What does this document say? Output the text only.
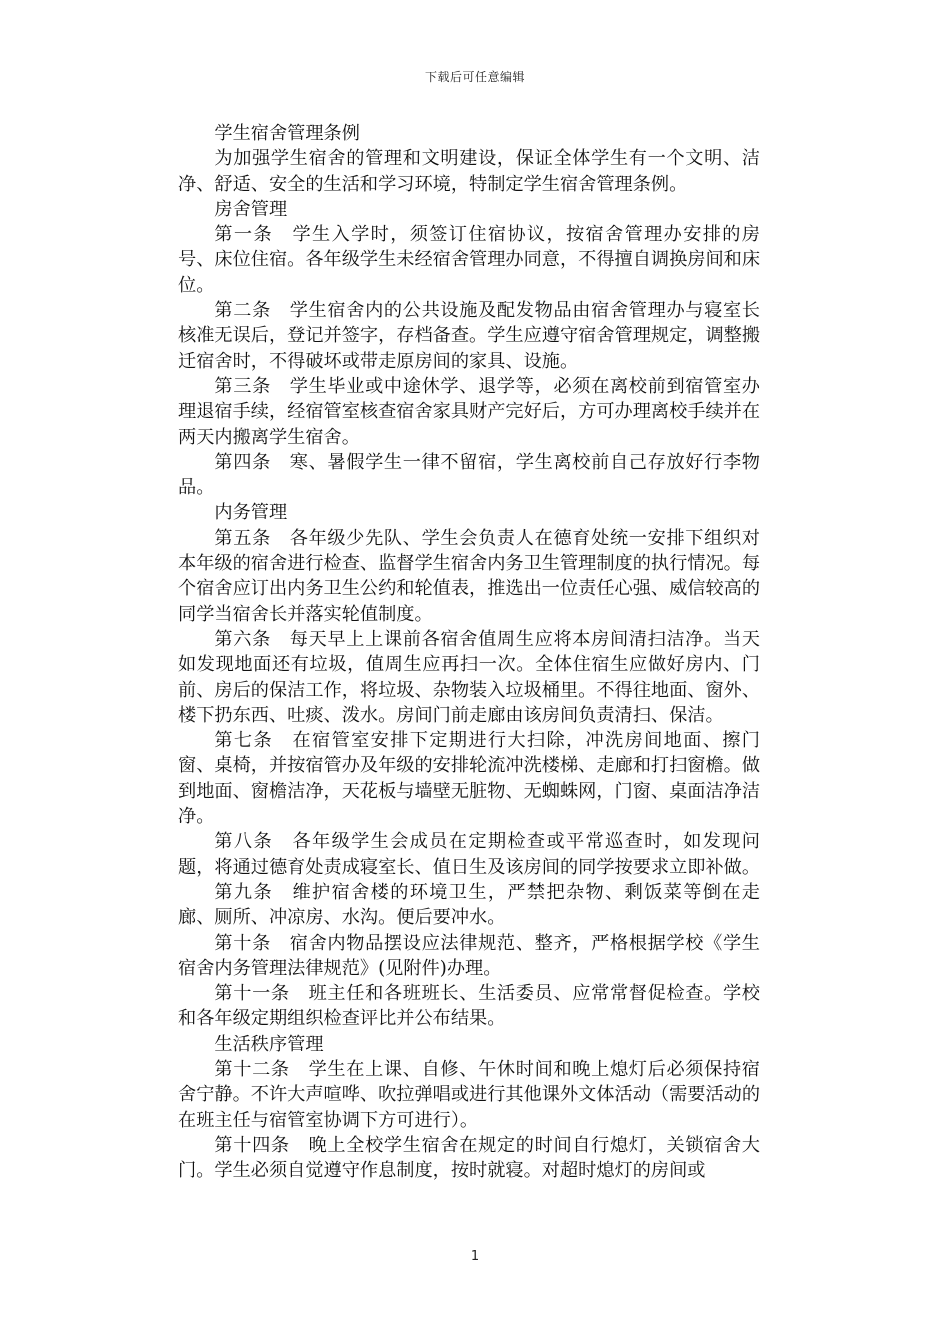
下载后可任意编辑

学生宿舍管理条例

为加强学生宿舍的管理和文明建设，保证全体学生有一个文明、洁净、舒适、安全的生活和学习环境，特制定学生宿舍管理条例。

房舍管理

第一条　学生入学时，须签订住宿协议，按宿舍管理办安排的房号、床位住宿。各年级学生未经宿舍管理办同意，不得擅自调换房间和床位。

第二条　学生宿舍内的公共设施及配发物品由宿舍管理办与寝室长核准无误后，登记并签字，存档备查。学生应遵守宿舍管理规定，调整搬迁宿舍时，不得破坏或带走原房间的家具、设施。

第三条　学生毕业或中途休学、退学等，必须在离校前到宿管室办理退宿手续，经宿管室核查宿舍家具财产完好后，方可办理离校手续并在两天内搬离学生宿舍。

第四条　寒、暑假学生一律不留宿，学生离校前自己存放好行李物品。

内务管理

第五条　各年级少先队、学生会负责人在德育处统一安排下组织对本年级的宿舍进行检查、监督学生宿舍内务卫生管理制度的执行情况。每个宿舍应订出内务卫生公约和轮值表，推选出一位责任心强、威信较高的同学当宿舍长并落实轮值制度。

第六条　每天早上上课前各宿舍值周生应将本房间清扫洁净。当天如发现地面还有垃圾，值周生应再扫一次。全体住宿生应做好房内、门前、房后的保洁工作，将垃圾、杂物装入垃圾桶里。不得往地面、窗外、楼下扔东西、吐痰、泼水。房间门前走廊由该房间负责清扫、保洁。

第七条　在宿管室安排下定期进行大扫除，冲洗房间地面、擦门窗、桌椅，并按宿管办及年级的安排轮流冲洗楼梯、走廊和打扫窗檐。做到地面、窗檐洁净，天花板与墙壁无脏物、无蜘蛛网，门窗、桌面洁净洁净。

第八条　各年级学生会成员在定期检查或平常巡查时，如发现问题，将通过德育处责成寝室长、值日生及该房间的同学按要求立即补做。

第九条　维护宿舍楼的环境卫生，严禁把杂物、剩饭菜等倒在走廊、厕所、冲凉房、水沟。便后要冲水。

第十条　宿舍内物品摆设应法律规范、整齐，严格根据学校《学生宿舍内务管理法律规范》(见附件)办理。

第十一条　班主任和各班班长、生活委员、应常常督促检查。学校和各年级定期组织检查评比并公布结果。

生活秩序管理

第十二条　学生在上课、自修、午休时间和晚上熄灯后必须保持宿舍宁静。不许大声喧哗、吹拉弹唱或进行其他课外文体活动（需要活动的在班主任与宿管室协调下方可进行）。

第十四条　晚上全校学生宿舍在规定的时间自行熄灯，关锁宿舍大门。学生必须自觉遵守作息制度，按时就寝。对超时熄灯的房间或

1
